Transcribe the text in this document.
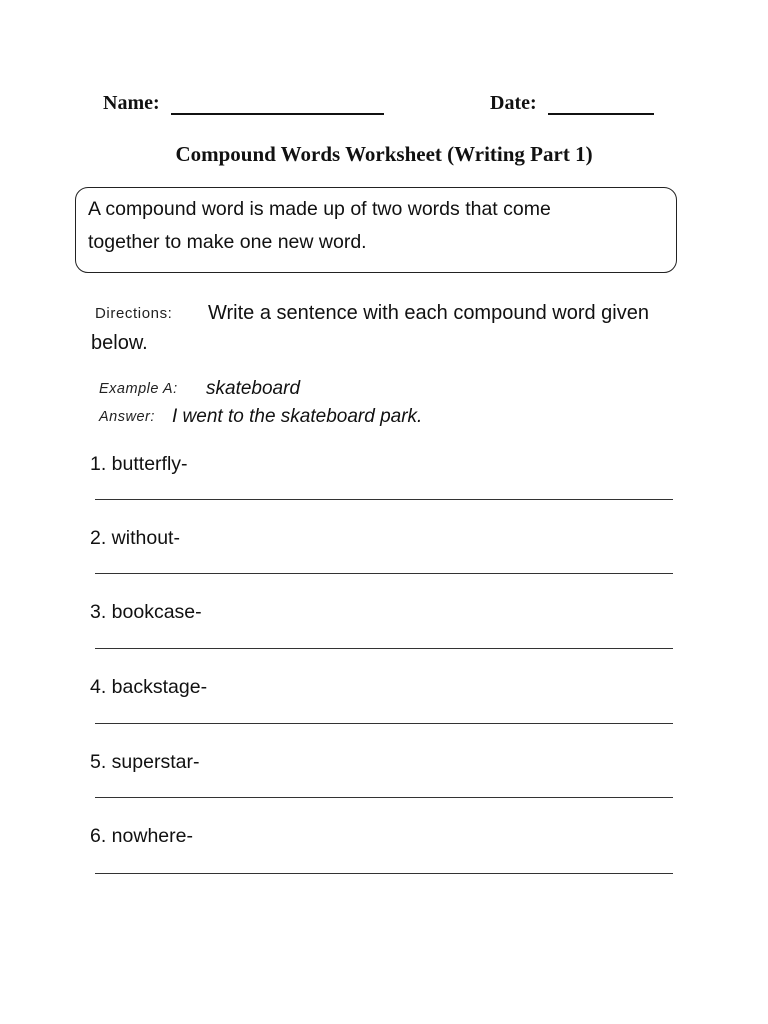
Name:	Date:
Compound Words Worksheet (Writing Part 1)
A compound word is made up of two words that come
together to make one new word.
Directions: Write a sentence with each compound word given
below.
Example A: skateboard
Answer: I went to the skateboard park.
1. butterfly-
2. without-
3. bookcase-
4. backstage-
5. superstar-
6. nowhere-
